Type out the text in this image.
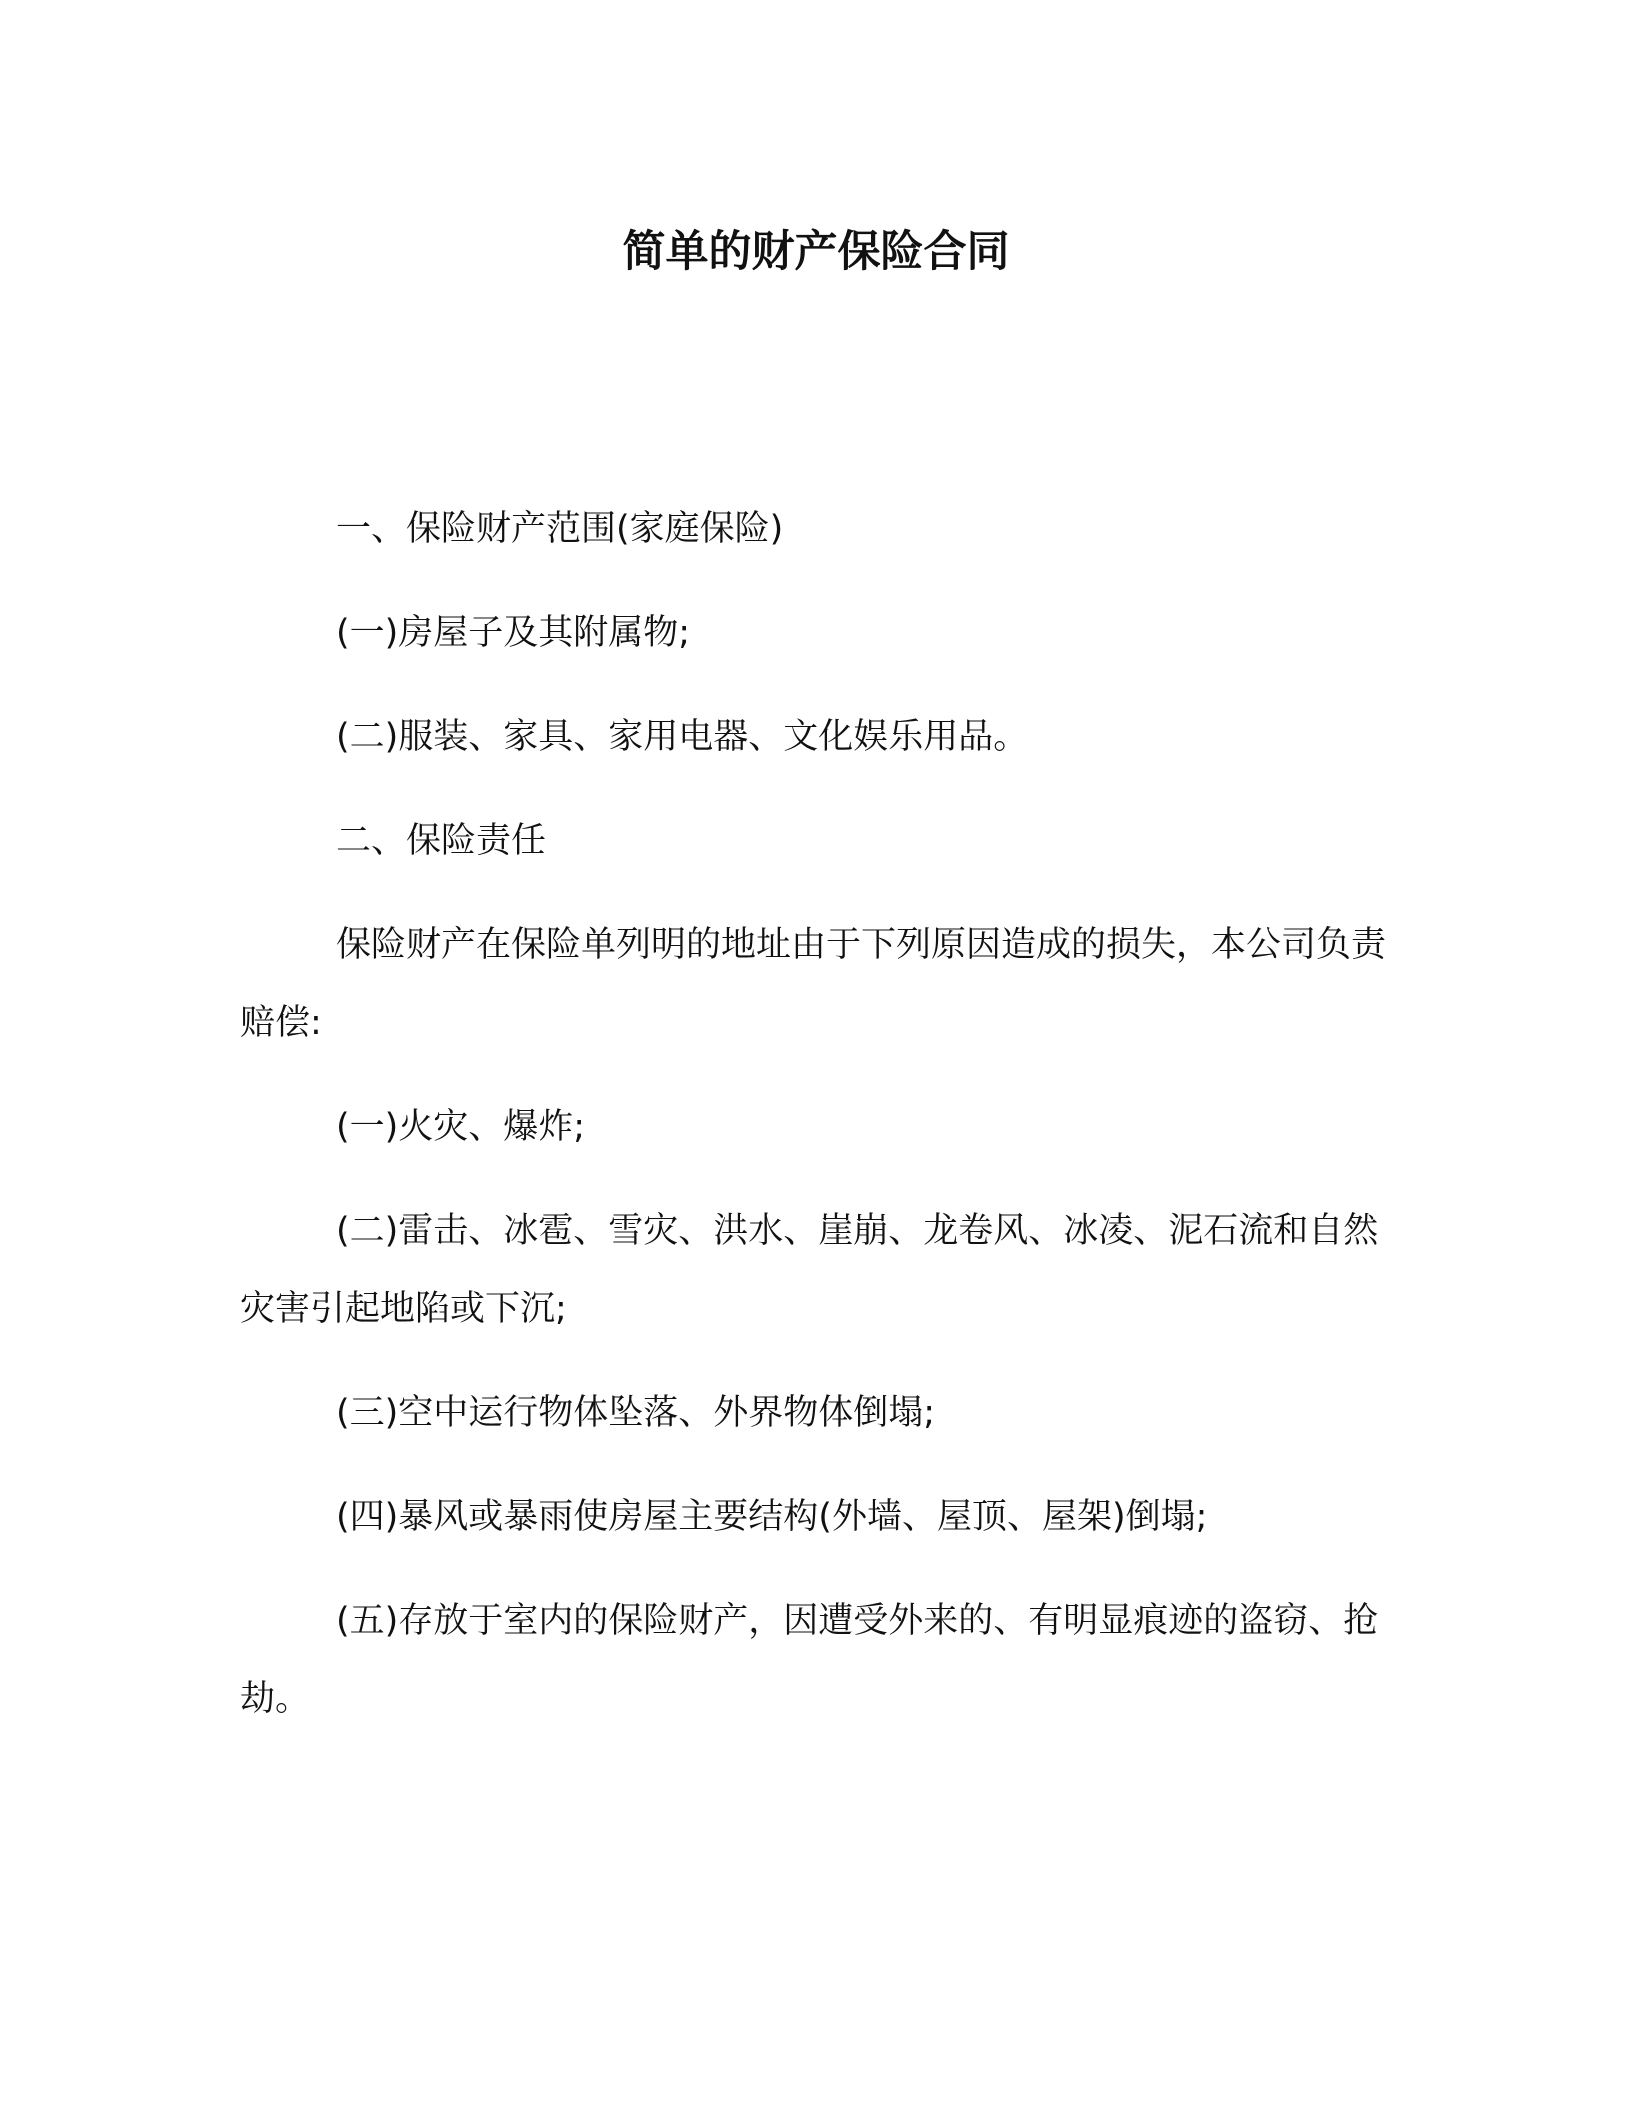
简单的财产保险合同

一、保险财产范围(家庭保险)

(一)房屋子及其附属物;

(二)服装、家具、家用电器、文化娱乐用品。

二、保险责任

保险财产在保险单列明的地址由于下列原因造成的损失，本公司负责赔偿:

(一)火灾、爆炸;

(二)雷击、冰雹、雪灾、洪水、崖崩、龙卷风、冰凌、泥石流和自然灾害引起地陷或下沉;

(三)空中运行物体坠落、外界物体倒塌;

(四)暴风或暴雨使房屋主要结构(外墙、屋顶、屋架)倒塌;

(五)存放于室内的保险财产，因遭受外来的、有明显痕迹的盗窃、抢劫。
